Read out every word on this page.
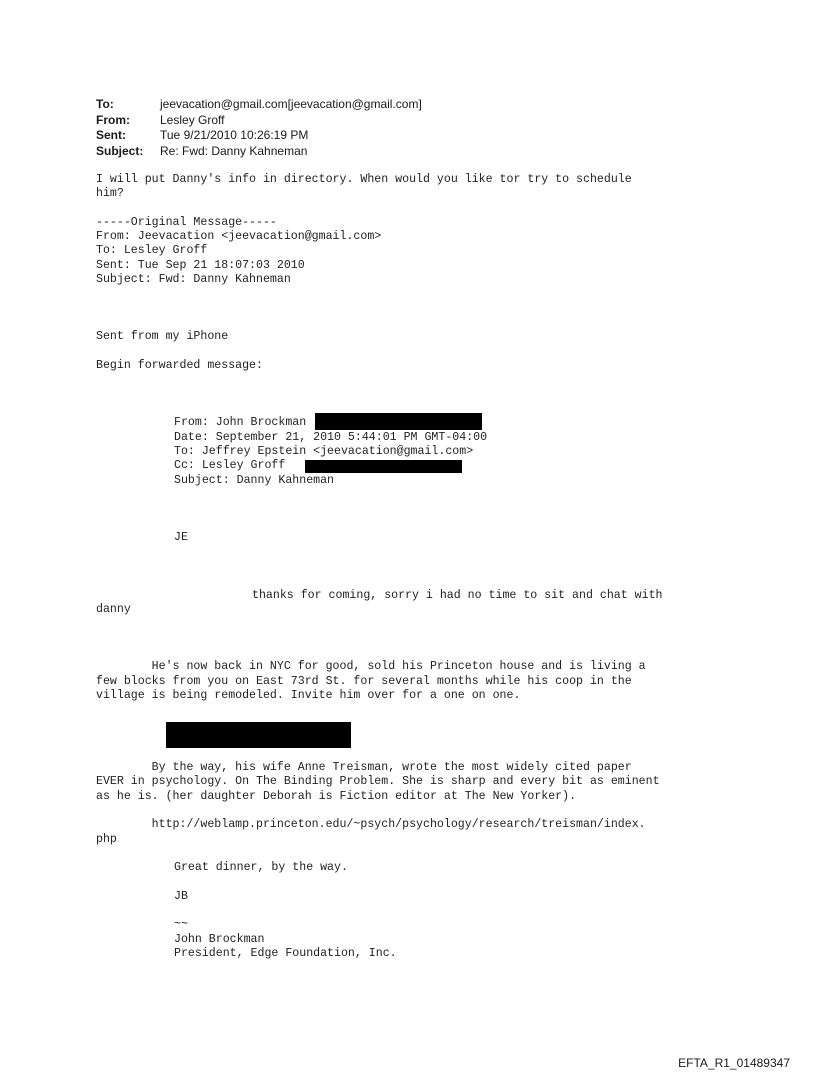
To:	jeevacation@gmail.com[jeevacation@gmail.com]
From:	Lesley Groff
Sent:	Tue 9/21/2010 10:26:19 PM
Subject:	Re: Fwd: Danny Kahneman
I will put Danny's info in directory. When would you like tor try to schedule
him?
-----Original Message-----
From: Jeevacation <jeevacation@gmail.com>
To: Lesley Groff
Sent: Tue Sep 21 18:07:03 2010
Subject: Fwd: Danny Kahneman
Sent from my iPhone
Begin forwarded message:
From: John Brockman
Date: September 21, 2010 5:44:01 PM GMT-04:00
To: Jeffrey Epstein <jeevacation@gmail.com>
Cc: Lesley Groff
Subject: Danny Kahneman
JE
thanks for coming, sorry i had no time to sit and chat with
danny
He's now back in NYC for good, sold his Princeton house and is living a
few blocks from you on East 73rd St. for several months while his coop in the
village is being remodeled. Invite him over for a one on one.
By the way, his wife Anne Treisman, wrote the most widely cited paper
EVER in psychology. On The Binding Problem. She is sharp and every bit as eminent
as he is. (her daughter Deborah is Fiction editor at The New Yorker).
http://weblamp.princeton.edu/~psych/psychology/research/treisman/index.
php
Great dinner, by the way.
JB
~~
John Brockman
President, Edge Foundation, Inc.
EFTA_R1_01489347
